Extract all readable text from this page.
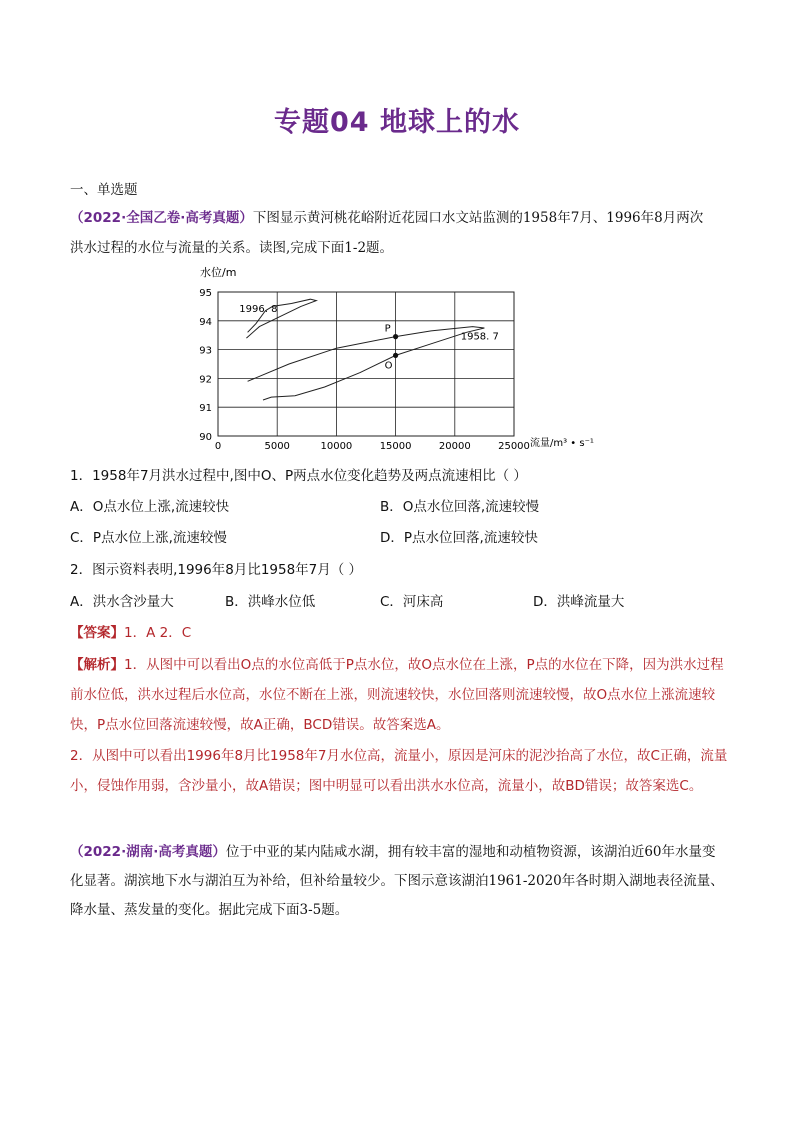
专题04 地球上的水
一、单选题
（2022·全国乙卷·高考真题）下图显示黄河桃花峪附近花园口水文站监测的1958年7月、1996年8月两次
洪水过程的水位与流量的关系。读图,完成下面1-2题。
0	5000	10000	15000	20000	25000
90
91
92
93
94
95
1996. 8
1958. 7
P
O
水位/m
流量/m³ • s⁻¹
1．1958年7月洪水过程中,图中O、P两点水位变化趋势及两点流速相比（ ）
A．O点水位上涨,流速较快	B．O点水位回落,流速较慢
C．P点水位上涨,流速较慢	D．P点水位回落,流速较快
2．图示资料表明,1996年8月比1958年7月（ ）
A．洪水含沙量大	B．洪峰水位低	C．河床高	D．洪峰流量大
【答案】1．A 2．C
【解析】1．从图中可以看出O点的水位高低于P点水位，故O点水位在上涨，P点的水位在下降，因为洪水过程前水位低，洪水过程后水位高，水位不断在上涨，则流速较快，水位回落则流速较慢，故O点水位上涨流速较快，P点水位回落流速较慢，故A正确，BCD错误。故答案选A。
2．从图中可以看出1996年8月比1958年7月水位高，流量小，原因是河床的泥沙抬高了水位，故C正确，流量小，侵蚀作用弱，含沙量小，故A错误；图中明显可以看出洪水水位高，流量小，故BD错误；故答案选C。
（2022·湖南·高考真题）位于中亚的某内陆咸水湖，拥有较丰富的湿地和动植物资源，该湖泊近60年水量变化显著。湖滨地下水与湖泊互为补给，但补给量较少。下图示意该湖泊1961-2020年各时期入湖地表径流量、降水量、蒸发量的变化。据此完成下面3-5题。
